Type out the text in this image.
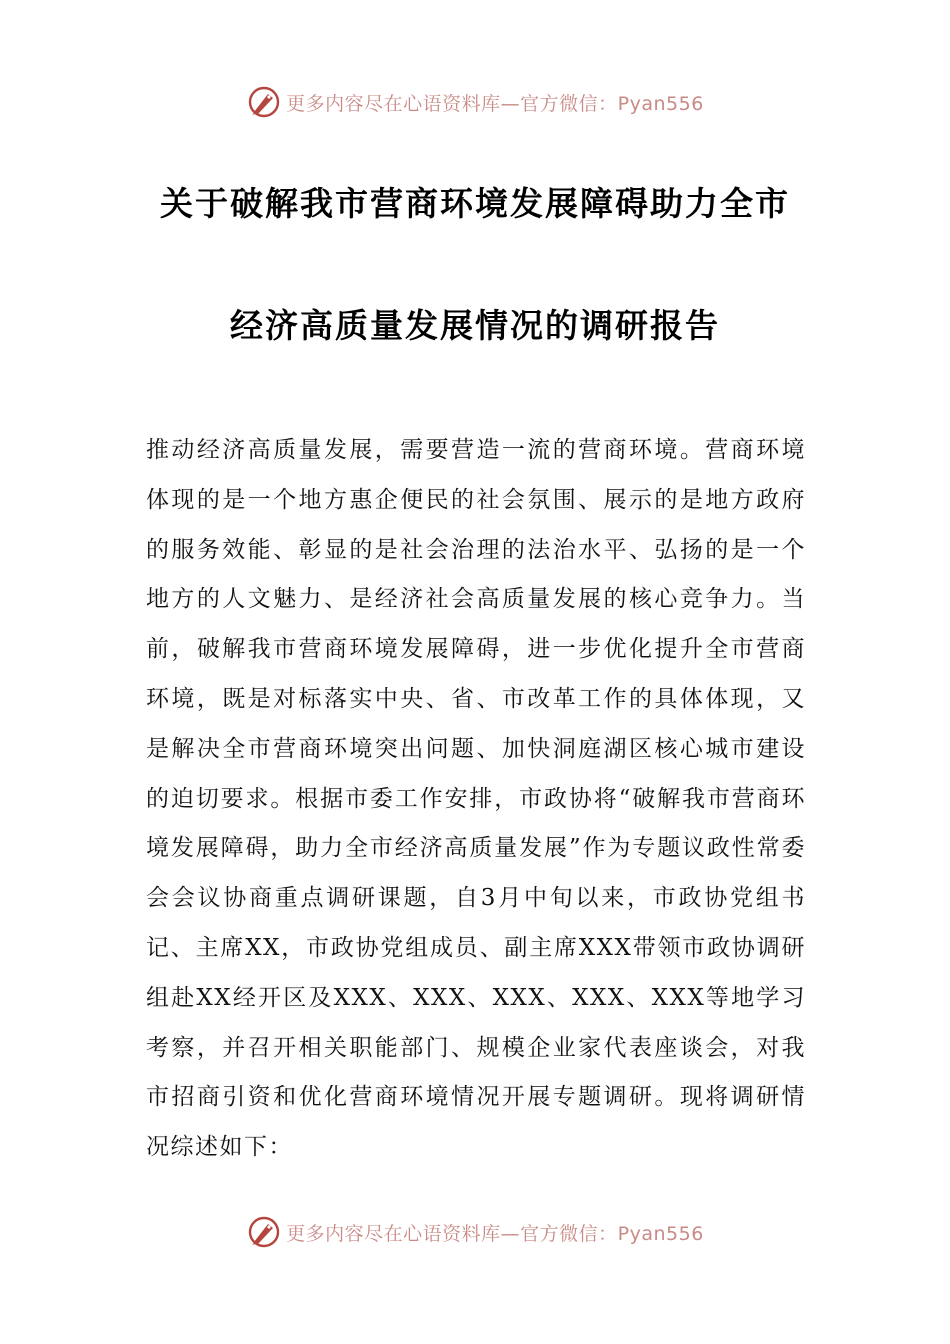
更多内容尽在心语资料库—官方微信：Pyan556
关于破解我市营商环境发展障碍助力全市
经济高质量发展情况的调研报告

推动经济高质量发展，需要营造一流的营商环境。营商环境体现的是一个地方惠企便民的社会氛围、展示的是地方政府的服务效能、彰显的是社会治理的法治水平、弘扬的是一个地方的人文魅力、是经济社会高质量发展的核心竞争力。当前，破解我市营商环境发展障碍，进一步优化提升全市营商环境，既是对标落实中央、省、市改革工作的具体体现，又是解决全市营商环境突出问题、加快洞庭湖区核心城市建设的迫切要求。根据市委工作安排，市政协将“破解我市营商环境发展障碍，助力全市经济高质量发展”作为专题议政性常委会会议协商重点调研课题，自3月中旬以来，市政协党组书记、主席XX，市政协党组成员、副主席XXX带领市政协调研组赴XX经开区及XXX、XXX、XXX、XXX、XXX等地学习考察，并召开相关职能部门、规模企业家代表座谈会，对我市招商引资和优化营商环境情况开展专题调研。现将调研情况综述如下：

更多内容尽在心语资料库—官方微信：Pyan556
